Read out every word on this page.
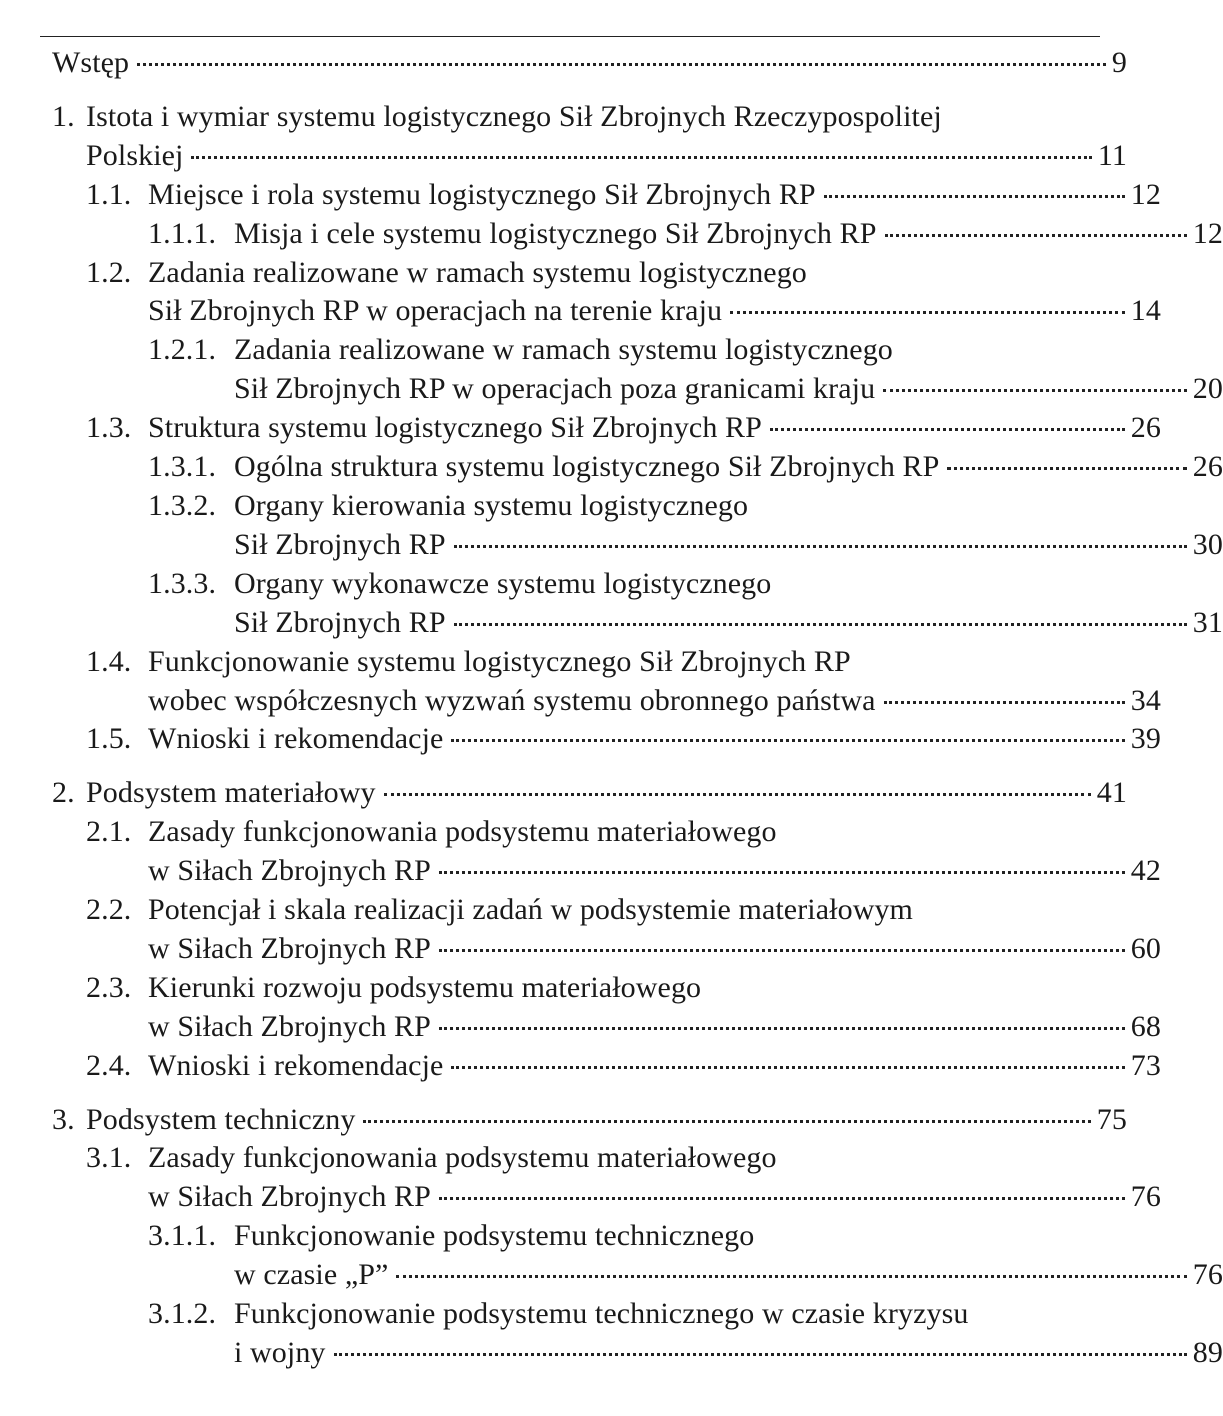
Wstęp	9
1. Istota i wymiar systemu logistycznego Sił Zbrojnych Rzeczypospolitej
Polskiej	11
1.1. Miejsce i rola systemu logistycznego Sił Zbrojnych RP	12
1.1.1. Misja i cele systemu logistycznego Sił Zbrojnych RP	12
1.2. Zadania realizowane w ramach systemu logistycznego
Sił Zbrojnych RP w operacjach na terenie kraju	14
1.2.1. Zadania realizowane w ramach systemu logistycznego
Sił Zbrojnych RP w operacjach poza granicami kraju	20
1.3. Struktura systemu logistycznego Sił Zbrojnych RP	26
1.3.1. Ogólna struktura systemu logistycznego Sił Zbrojnych RP	26
1.3.2. Organy kierowania systemu logistycznego
Sił Zbrojnych RP	30
1.3.3. Organy wykonawcze systemu logistycznego
Sił Zbrojnych RP	31
1.4. Funkcjonowanie systemu logistycznego Sił Zbrojnych RP
wobec współczesnych wyzwań systemu obronnego państwa	34
1.5. Wnioski i rekomendacje	39
2. Podsystem materiałowy	41
2.1. Zasady funkcjonowania podsystemu materiałowego
w Siłach Zbrojnych RP	42
2.2. Potencjał i skala realizacji zadań w podsystemie materiałowym
w Siłach Zbrojnych RP	60
2.3. Kierunki rozwoju podsystemu materiałowego
w Siłach Zbrojnych RP	68
2.4. Wnioski i rekomendacje	73
3. Podsystem techniczny	75
3.1. Zasady funkcjonowania podsystemu materiałowego
w Siłach Zbrojnych RP	76
3.1.1. Funkcjonowanie podsystemu technicznego
w czasie „P”	76
3.1.2. Funkcjonowanie podsystemu technicznego w czasie kryzysu
i wojny	89
